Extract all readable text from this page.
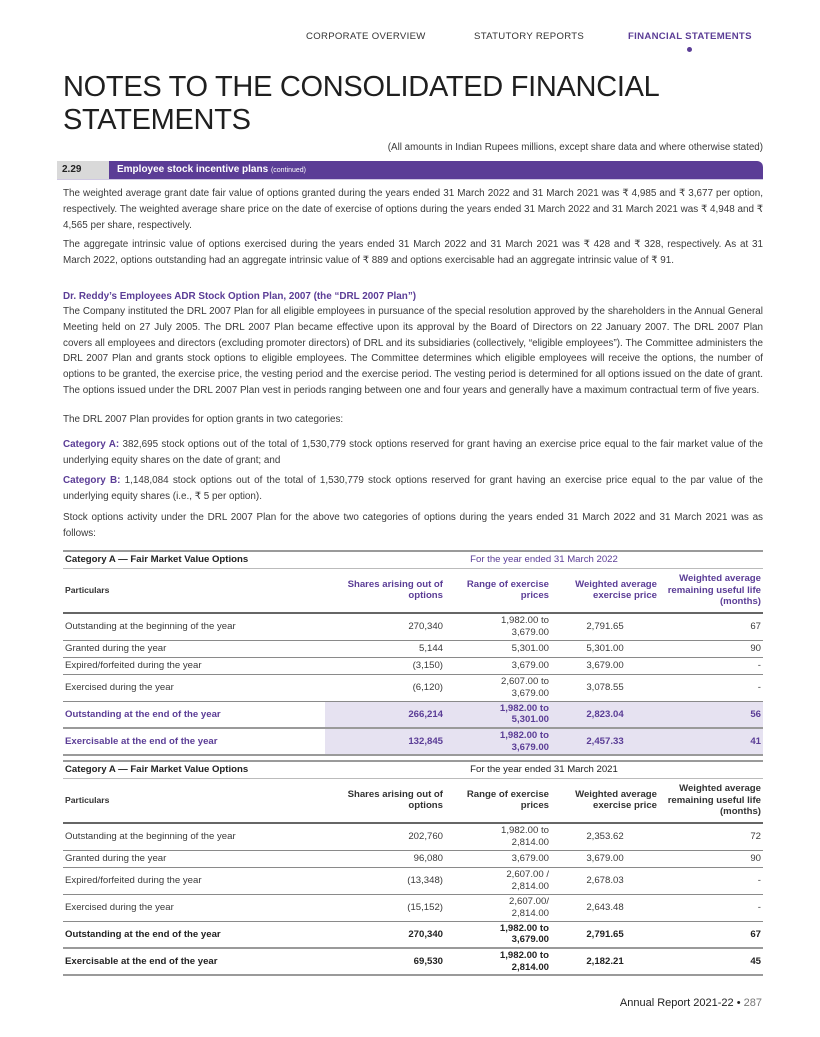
CORPORATE OVERVIEW	STATUTORY REPORTS	FINANCIAL STATEMENTS
NOTES TO THE CONSOLIDATED FINANCIAL STATEMENTS
(All amounts in Indian Rupees millions, except share data and where otherwise stated)
2.29	Employee stock incentive plans (continued)

The weighted average grant date fair value of options granted during the years ended 31 March 2022 and 31 March 2021 was ₹ 4,985 and ₹ 3,677 per option, respectively. The weighted average share price on the date of exercise of options during the years ended 31 March 2022 and 31 March 2021 was ₹ 4,948 and ₹ 4,565 per share, respectively.

The aggregate intrinsic value of options exercised during the years ended 31 March 2022 and 31 March 2021 was ₹ 428 and ₹ 328, respectively. As at 31 March 2022, options outstanding had an aggregate intrinsic value of ₹ 889 and options exercisable had an aggregate intrinsic value of ₹ 91.

Dr. Reddy’s Employees ADR Stock Option Plan, 2007 (the “DRL 2007 Plan”)

The Company instituted the DRL 2007 Plan for all eligible employees in pursuance of the special resolution approved by the shareholders in the Annual General Meeting held on 27 July 2005. The DRL 2007 Plan became effective upon its approval by the Board of Directors on 22 January 2007. The DRL 2007 Plan covers all employees and directors (excluding promoter directors) of DRL and its subsidiaries (collectively, “eligible employees”). The Committee administers the DRL 2007 Plan and grants stock options to eligible employees. The Committee determines which eligible employees will receive the options, the number of options to be granted, the exercise price, the vesting period and the exercise period. The vesting period is determined for all options issued on the date of grant. The options issued under the DRL 2007 Plan vest in periods ranging between one and four years and generally have a maximum contractual term of five years.

The DRL 2007 Plan provides for option grants in two categories:

Category A: 382,695 stock options out of the total of 1,530,779 stock options reserved for grant having an exercise price equal to the fair market value of the underlying equity shares on the date of grant; and

Category B: 1,148,084 stock options out of the total of 1,530,779 stock options reserved for grant having an exercise price equal to the par value of the underlying equity shares (i.e., ₹ 5 per option).

Stock options activity under the DRL 2007 Plan for the above two categories of options during the years ended 31 March 2022 and 31 March 2021 was as follows:

Category A — Fair Market Value Options	For the year ended 31 March 2022			
Particulars	Shares arising out of options	Range of exercise prices	Weighted average exercise price	Weighted average remaining useful life (months)
Outstanding at the beginning of the year	270,340	1,982.00 to
3,679.00	2,791.65	67
Granted during the year	5,144	5,301.00	5,301.00	90
Expired/forfeited during the year	(3,150)	3,679.00	3,679.00	-
Exercised during the year	(6,120)	2,607.00 to
3,679.00	3,078.55	-
Outstanding at the end of the year	266,214	1,982.00 to
5,301.00	2,823.04	56
Exercisable at the end of the year	132,845	1,982.00 to
3,679.00	2,457.33	41
Category A — Fair Market Value Options	For the year ended 31 March 2021			
Particulars	Shares arising out of options	Range of exercise prices	Weighted average exercise price	Weighted average remaining useful life (months)
Outstanding at the beginning of the year	202,760	1,982.00 to
2,814.00	2,353.62	72
Granted during the year	96,080	3,679.00	3,679.00	90
Expired/forfeited during the year	(13,348)	2,607.00 /
2,814.00	2,678.03	-
Exercised during the year	(15,152)	2,607.00/
2,814.00	2,643.48	-
Outstanding at the end of the year	270,340	1,982.00 to
3,679.00	2,791.65	67
Exercisable at the end of the year	69,530	1,982.00 to
2,814.00	2,182.21	45
Annual Report 2021-22 • 287
